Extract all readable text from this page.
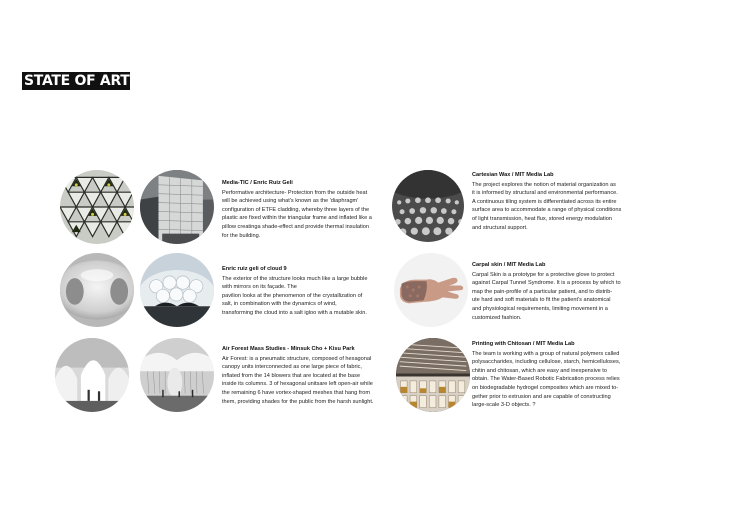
STATE OF ART
Media-TIC / Enric Ruiz Geli
Performative architecture- Protection from the outside heat
will be achieved using what's known as the 'diaphragm'
configuration of ETFE cladding, whereby three layers of the
plastic are fixed within the triangular frame and inflated like a
pillow creatinga shade-effect and provide thermal insulation
for the building.
Enric ruiz geli of cloud 9
The exterior of the structure looks much like a large bubble
with mirrors on its façade. The
pavilion looks at the phenomenon of the crystallization of
salt, in combination with the dynamics of wind,
transforming the cloud into a salt igloo with a mutable skin.
Air Forest Mass Studies - Minsuk Cho + Kisu Park
Air Forest: is a pneumatic structure, composed of hexagonal
canopy units interconnected as one large piece of fabric,
inflated from the 14 blowers that are located at the base
inside its columns. 3 of hexagonal unitsare left open-air while
the remaining 6 have vortex-shaped meshes that hang from
them, providing shades for the public from the harsh sunlight.
Cartesian Wax / MIT Media Lab
The project explores the notion of material organization as
it is informed by structural and environmental performance.
A continuous tiling system is differentiated across its entire
surface area to accommodate a range of physical conditions
of light transmission, heat flux, stored energy modulation
and structural support.
Carpal skin / MIT Media Lab
Carpal Skin is a prototype for a protective glove to protect
against Carpal Tunnel Syndrome. It is a process by which to
map the pain-profile of a particular patient, and to distrib-
ute hard and soft materials to fit the patient's anatomical
and physiological requirements, limiting movement in a
customized fashion.
Printing with Chitosan / MIT Media Lab
The team is working with a group of natural polymers called
polysaccharides, including cellulose, starch, hemicelluloses,
chitin and chitosan, which are easy and inexpensive to
obtain. The Water-Based Robotic Fabrication process relies
on biodegradable hydrogel composites which are mixed to-
gether prior to extrusion and are capable of constructing
large-scale 3-D objects. ?
